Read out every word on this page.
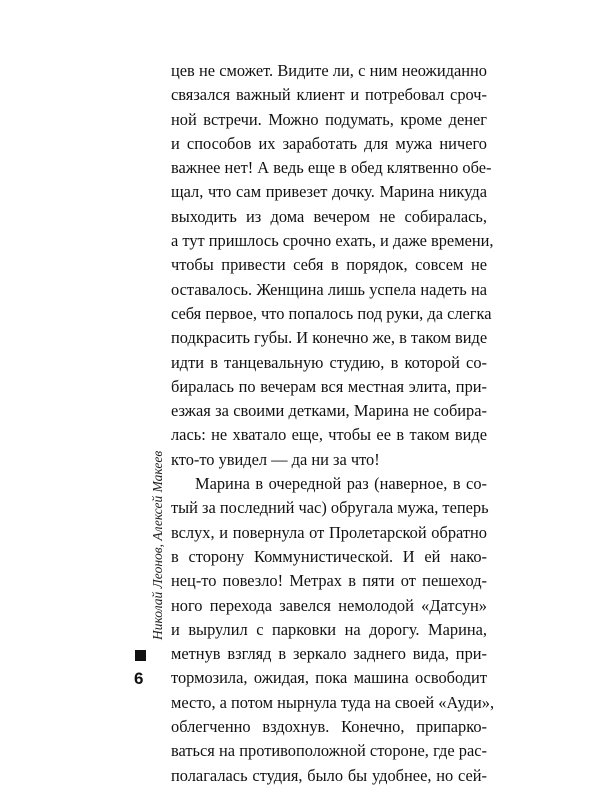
цев не сможет. Видите ли, с ним неожиданно
связался важный клиент и потребовал сроч-
ной встречи. Можно подумать, кроме денег
и способов их заработать для мужа ничего
важнее нет! А ведь еще в обед клятвенно обе-
щал, что сам привезет дочку. Марина никуда
выходить из дома вечером не собиралась,
а тут пришлось срочно ехать, и даже времени,
чтобы привести себя в порядок, совсем не
оставалось. Женщина лишь успела надеть на
себя первое, что попалось под руки, да слегка
подкрасить губы. И конечно же, в таком виде
идти в танцевальную студию, в которой со-
биралась по вечерам вся местная элита, при-
езжая за своими детками, Марина не собира-
лась: не хватало еще, чтобы ее в таком виде
кто-то увидел — да ни за что!
Марина в очередной раз (наверное, в со-
тый за последний час) обругала мужа, теперь
вслух, и повернула от Пролетарской обратно
в сторону Коммунистической. И ей нако-
нец-то повезло! Метрах в пяти от пешеход-
ного перехода завелся немолодой «Датсун»
и вырулил с парковки на дорогу. Марина,
метнув взгляд в зеркало заднего вида, при-
тормозила, ожидая, пока машина освободит
место, а потом нырнула туда на своей «Ауди»,
облегченно вздохнув. Конечно, припарко-
ваться на противоположной стороне, где рас-
полагалась студия, было бы удобнее, но сей-
Николай Леонов, Алексей Макеев
6
